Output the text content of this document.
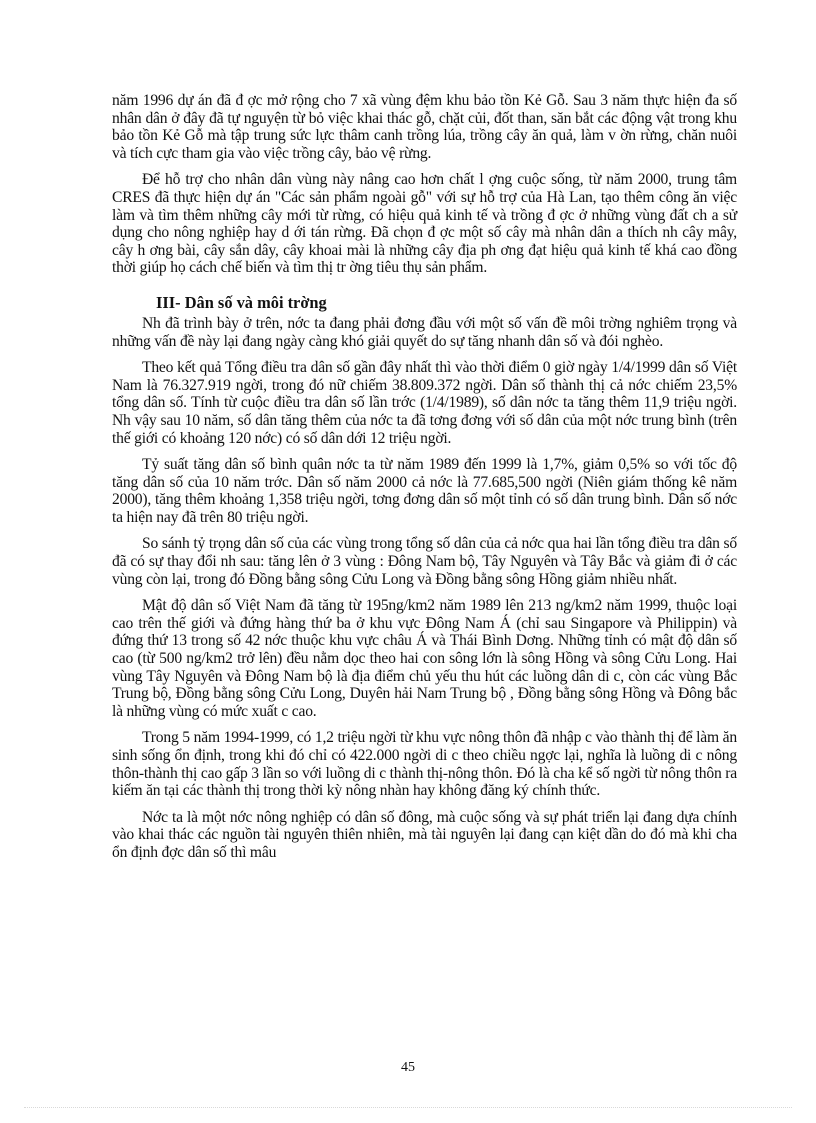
năm 1996 dự án đã đ ợc mở rộng cho 7 xã vùng đệm khu bảo tồn Kẻ Gỗ. Sau 3 năm thực hiện đa số nhân dân ở đây đã tự nguyện từ bỏ việc khai thác gỗ, chặt củi, đốt than, săn bắt các động vật trong khu bảo tồn Kẻ Gỗ mà tập trung sức lực thâm canh trồng lúa, trồng cây ăn quả, làm v ờn rừng, chăn nuôi và tích cực tham gia vào việc trồng cây, bảo vệ rừng.

Để hỗ trợ cho nhân dân vùng này nâng cao hơn chất l ợng cuộc sống, từ năm 2000, trung tâm CRES đã thực hiện dự án "Các sản phẩm ngoài gỗ" với sự hỗ trợ của Hà Lan, tạo thêm công ăn việc làm và tìm thêm những cây mới từ rừng, có hiệu quả kinh tế và trồng đ ợc ở những vùng đất ch a sử dụng cho nông nghiệp hay d ới tán rừng. Đã chọn đ ợc một số cây mà nhân dân a thích nh cây mây, cây h ơng bài, cây sắn dây, cây khoai mài là những cây địa ph ơng đạt hiệu quả kinh tế khá cao đồng thời giúp họ cách chế biến và tìm thị tr ờng tiêu thụ sản phẩm.

III- Dân số và môi trờng

Nh đã trình bày ở trên, nớc ta đang phải đơng đầu với một số vấn đề môi trờng nghiêm trọng và những vấn đề này lại đang ngày càng khó giải quyết do sự tăng nhanh dân số và đói nghèo.

Theo kết quả Tổng điều tra dân số gần đây nhất thì vào thời điểm 0 giờ ngày 1/4/1999 dân số Việt Nam là 76.327.919 ngời, trong đó nữ chiếm 38.809.372 ngời. Dân số thành thị cả nớc chiếm 23,5% tổng dân số. Tính từ cuộc điều tra dân số lần trớc (1/4/1989), số dân nớc ta tăng thêm 11,9 triệu ngời. Nh vậy sau 10 năm, số dân tăng thêm của nớc ta đã tơng đơng với số dân của một nớc trung bình (trên thế giới có khoảng 120 nớc) có số dân dới 12 triệu ngời.

Tỷ suất tăng dân số bình quân nớc ta từ năm 1989 đến 1999 là 1,7%, giảm 0,5% so với tốc độ tăng dân số của 10 năm trớc. Dân số năm 2000 cả nớc là 77.685,500 ngời (Niên giám thống kê năm 2000), tăng thêm khoảng 1,358 triệu ngời, tơng đơng dân số một tỉnh có số dân trung bình. Dân số nớc ta hiện nay đã trên 80 triệu ngời.

So sánh tỷ trọng dân số của các vùng trong tổng số dân của cả nớc qua hai lần tổng điều tra dân số đã có sự thay đổi nh sau: tăng lên ở 3 vùng : Đông Nam bộ, Tây Nguyên và Tây Bắc và giảm đi ở các vùng còn lại, trong đó Đồng bằng sông Cửu Long và Đồng bằng sông Hồng giảm nhiều nhất.

Mật độ dân số Việt Nam đã tăng từ 195ng/km2 năm 1989 lên 213 ng/km2 năm 1999, thuộc loại cao trên thế giới và đứng hàng thứ ba ở khu vực Đông Nam Á (chỉ sau Singapore và Philippin) và đứng thứ 13 trong số 42 nớc thuộc khu vực châu Á và Thái Bình Dơng. Những tỉnh có mật độ dân số cao (từ 500 ng/km2 trở lên) đều nằm dọc theo hai con sông lớn là sông Hồng và sông Cửu Long. Hai vùng Tây Nguyên và Đông Nam bộ là địa điểm chủ yếu thu hút các luồng dân di c, còn các vùng Bắc Trung bộ, Đồng bằng sông Cửu Long, Duyên hải Nam Trung bộ , Đồng bằng sông Hồng và Đông bắc là những vùng có mức xuất c cao.

Trong 5 năm 1994-1999, có 1,2 triệu ngời từ khu vực nông thôn đã nhập c vào thành thị để làm ăn sinh sống ổn định, trong khi đó chỉ có 422.000 ngời di c theo chiều ngợc lại, nghĩa là luồng di c nông thôn-thành thị cao gấp 3 lần so với luồng di c thành thị-nông thôn. Đó là cha kể số ngời từ nông thôn ra kiếm ăn tại các thành thị trong thời kỳ nông nhàn hay không đăng ký chính thức.

Nớc ta là một nớc nông nghiệp có dân số đông, mà cuộc sống và sự phát triển lại đang dựa chính vào khai thác các nguồn tài nguyên thiên nhiên, mà tài nguyên lại đang cạn kiệt dần do đó mà khi cha ổn định đợc dân số thì mâu

45
